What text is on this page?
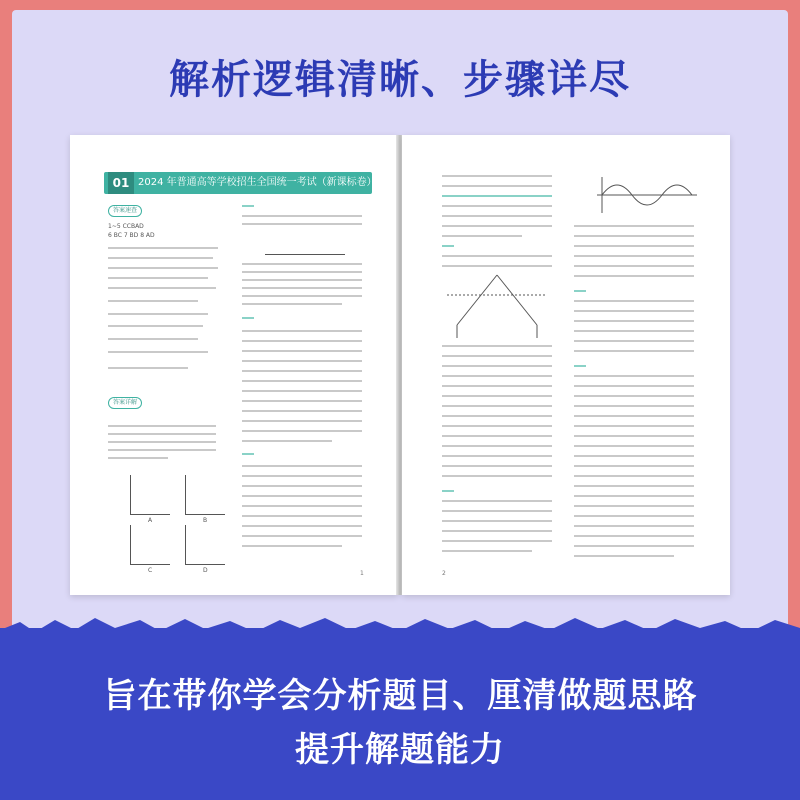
解析逻辑清晰、步骤详尽
01 2024 年普通高等学校招生全国统一考试（新课标卷）
答案速查
1~5 CCBAD
6 BC 7 BD 8 AD
答案详解
A	B
C	D	1	2
旨在带你学会分析题目、厘清做题思路
提升解题能力
